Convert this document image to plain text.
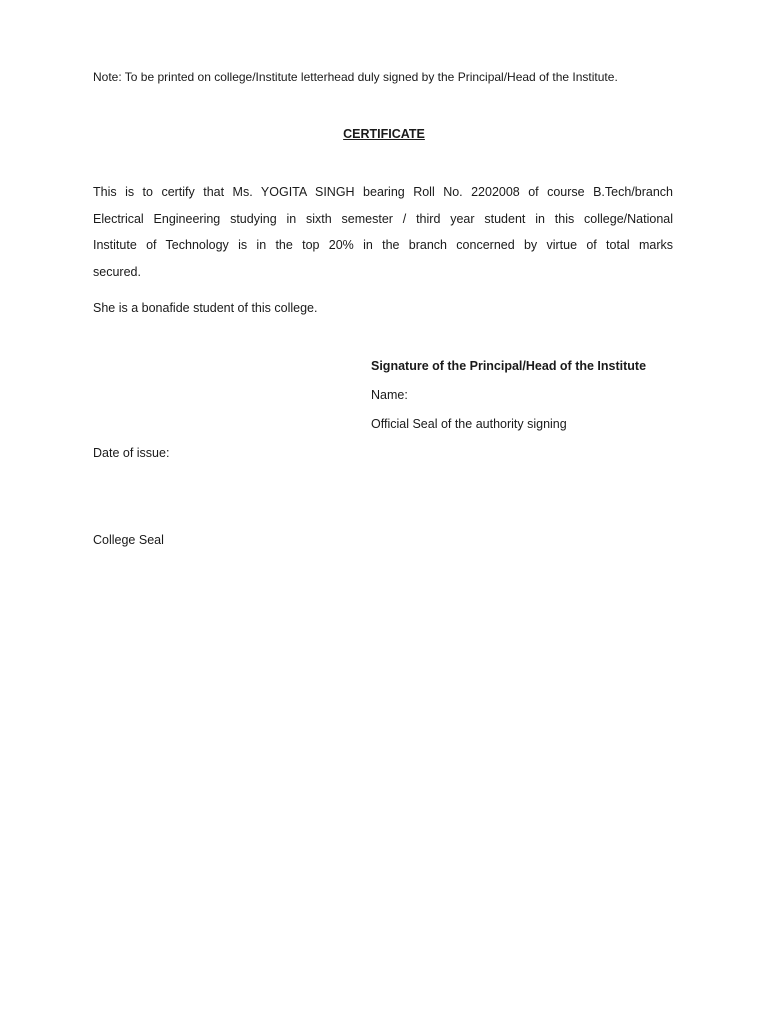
Note: To be printed on college/Institute letterhead duly signed by the Principal/Head of the Institute.
CERTIFICATE
This is to certify that Ms. YOGITA SINGH bearing Roll No. 2202008 of course B.Tech/branch
Electrical Engineering studying in sixth semester / third year student in this college/National
Institute of Technology is in the top 20% in the branch concerned by virtue of total marks
secured.
She is a bonafide student of this college.
Signature of the Principal/Head of the Institute
Name:
Official Seal of the authority signing
Date of issue:
College Seal
